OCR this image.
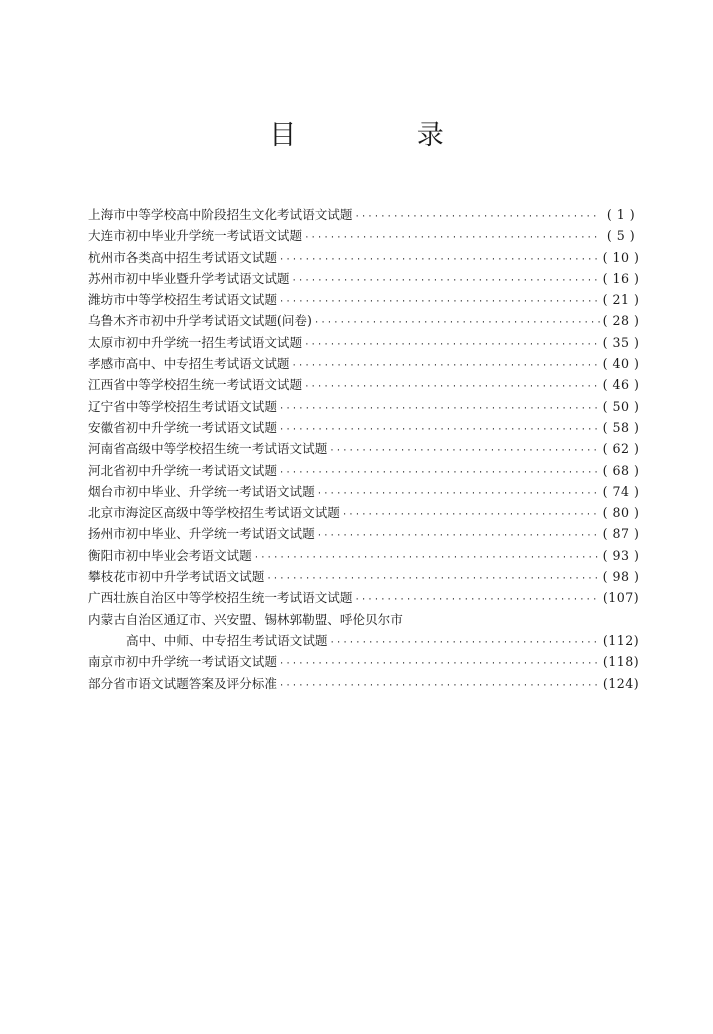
目 录
上海市中等学校高中阶段招生文化考试语文试题 ·····	( 1 )
大连市初中毕业升学统一考试语文试题 ·····	( 5 )
杭州市各类高中招生考试语文试题 ·····	( 10 )
苏州市初中毕业暨升学考试语文试题 ·····	( 16 )
潍坊市中等学校招生考试语文试题 ·····	( 21 )
乌鲁木齐市初中升学考试语文试题(问卷) ·····	( 28 )
太原市初中升学统一招生考试语文试题 ·····	( 35 )
孝感市高中、中专招生考试语文试题 ·····	( 40 )
江西省中等学校招生统一考试语文试题 ·····	( 46 )
辽宁省中等学校招生考试语文试题 ·····	( 50 )
安徽省初中升学统一考试语文试题 ·····	( 58 )
河南省高级中等学校招生统一考试语文试题 ·····	( 62 )
河北省初中升学统一考试语文试题 ·····	( 68 )
烟台市初中毕业、升学统一考试语文试题 ·····	( 74 )
北京市海淀区高级中等学校招生考试语文试题 ·····	( 80 )
扬州市初中毕业、升学统一考试语文试题 ·····	( 87 )
衡阳市初中毕业会考语文试题 ·····	( 93 )
攀枝花市初中升学考试语文试题 ·····	( 98 )
广西壮族自治区中等学校招生统一考试语文试题 ·····	(107)
内蒙古自治区通辽市、兴安盟、锡林郭勒盟、呼伦贝尔市
高中、中师、中专招生考试语文试题 ·····	(112)
南京市初中升学统一考试语文试题 ·····	(118)
部分省市语文试题答案及评分标准 ·····	(124)
